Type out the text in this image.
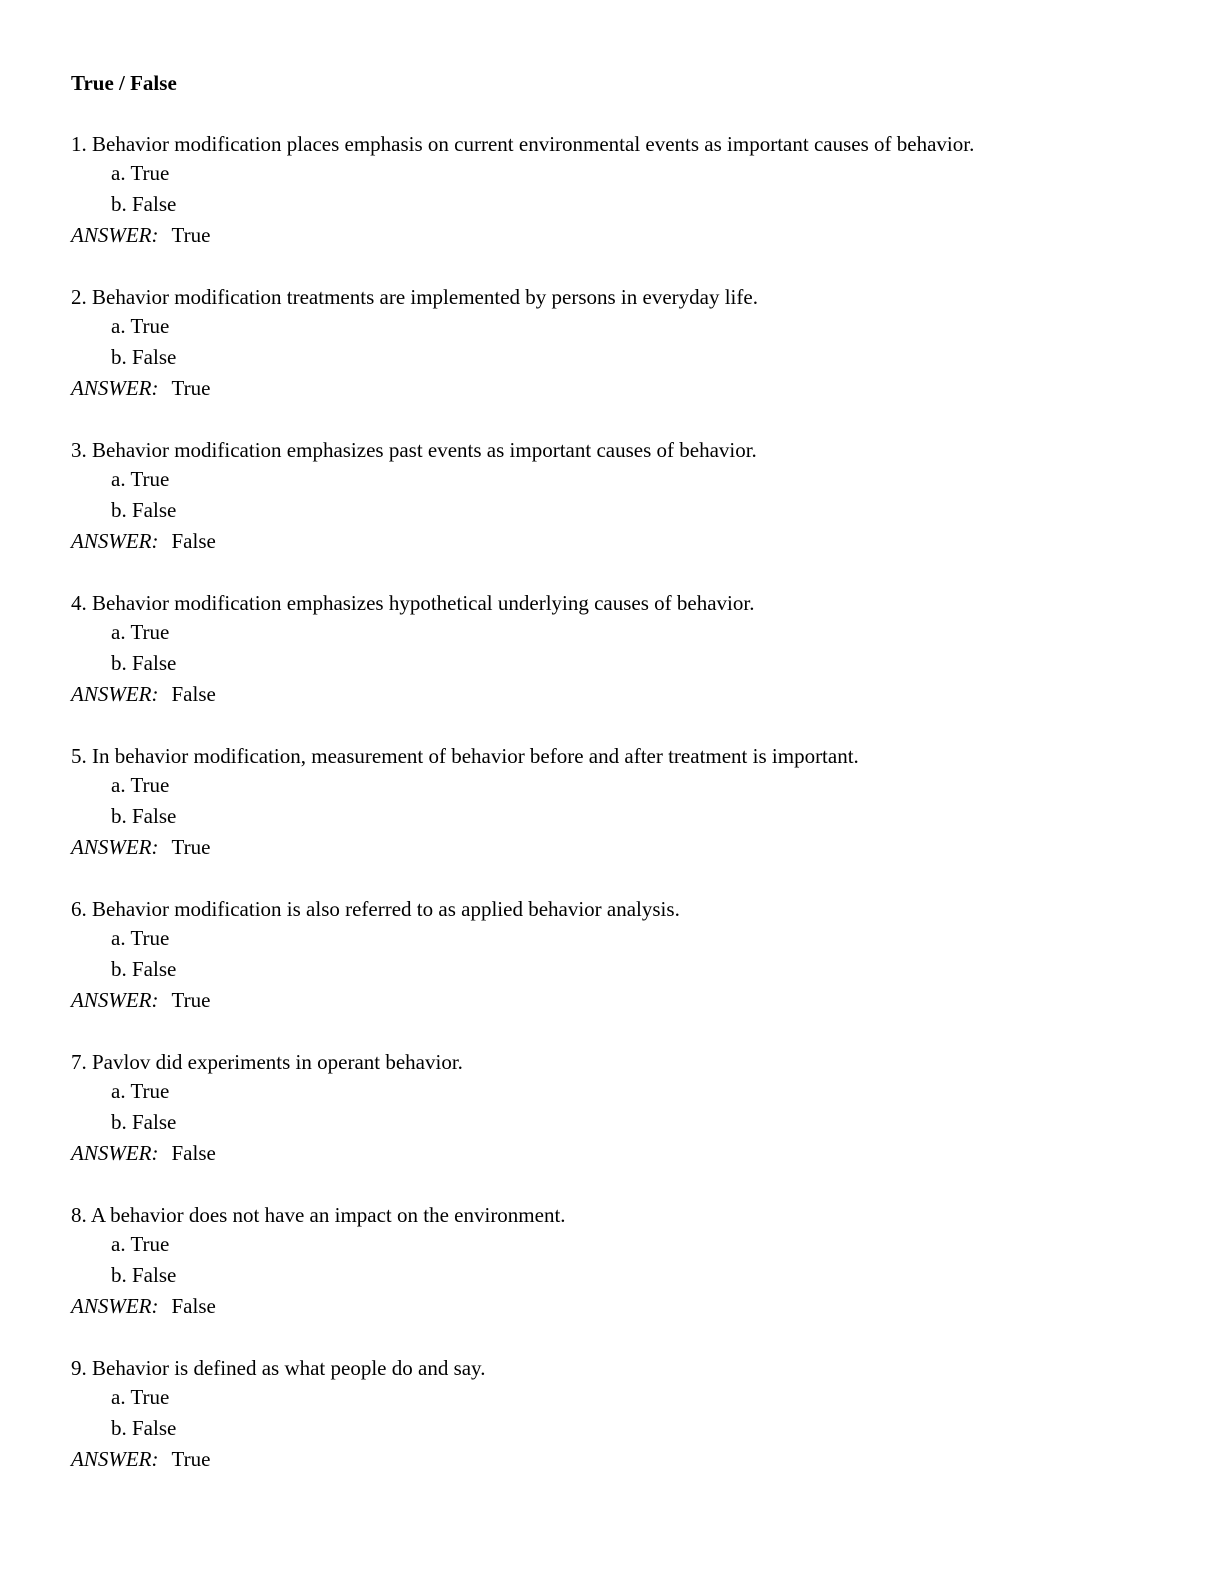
True / False
1. Behavior modification places emphasis on current environmental events as important causes of behavior.
a. True
b. False
ANSWER: True
2. Behavior modification treatments are implemented by persons in everyday life.
a. True
b. False
ANSWER: True
3. Behavior modification emphasizes past events as important causes of behavior.
a. True
b. False
ANSWER: False
4. Behavior modification emphasizes hypothetical underlying causes of behavior.
a. True
b. False
ANSWER: False
5. In behavior modification, measurement of behavior before and after treatment is important.
a. True
b. False
ANSWER: True
6. Behavior modification is also referred to as applied behavior analysis.
a. True
b. False
ANSWER: True
7. Pavlov did experiments in operant behavior.
a. True
b. False
ANSWER: False
8. A behavior does not have an impact on the environment.
a. True
b. False
ANSWER: False
9. Behavior is defined as what people do and say.
a. True
b. False
ANSWER: True
